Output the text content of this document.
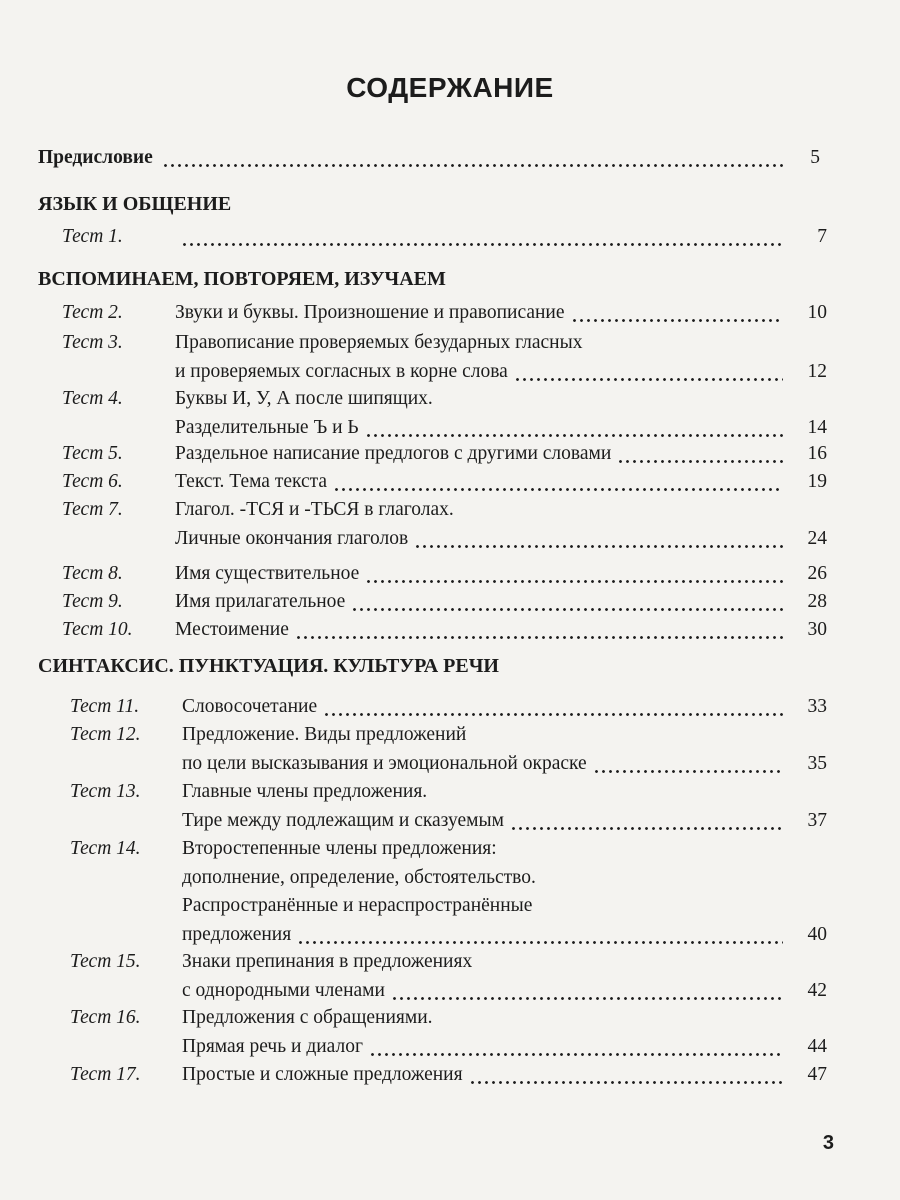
СОДЕРЖАНИЕ
Предисловие	5
ЯЗЫК И ОБЩЕНИЕ
ВСПОМИНАЕМ, ПОВТОРЯЕМ, ИЗУЧАЕМ
СИНТАКСИС. ПУНКТУАЦИЯ. КУЛЬТУРА РЕЧИ
Тест 1.	7
Тест 2.	Звуки и буквы. Произношение и правописание	10
Тест 3.	Правописание проверяемых безударных гласных
и проверяемых согласных в корне слова	12
Тест 4.	Буквы И, У, А после шипящих.
Разделительные Ъ и Ь	14
Тест 5.	Раздельное написание предлогов с другими словами	16
Тест 6.	Текст. Тема текста	19
Тест 7.	Глагол. -ТСЯ и -ТЬСЯ в глаголах.
Личные окончания глаголов	24
Тест 8.	Имя существительное	26
Тест 9.	Имя прилагательное	28
Тест 10. Местоимение	30
Тест 11. Словосочетание	33
Тест 12. Предложение. Виды предложений
по цели высказывания и эмоциональной окраске	35
Тест 13. Главные члены предложения.
Тире между подлежащим и сказуемым	37
Тест 14. Второстепенные члены предложения:
дополнение, определение, обстоятельство.
Распространённые и нераспространённые
предложения	40
Тест 15. Знаки препинания в предложениях
с однородными членами	42
Тест 16. Предложения с обращениями.
Прямая речь и диалог	44
Тест 17. Простые и сложные предложения	47
3
